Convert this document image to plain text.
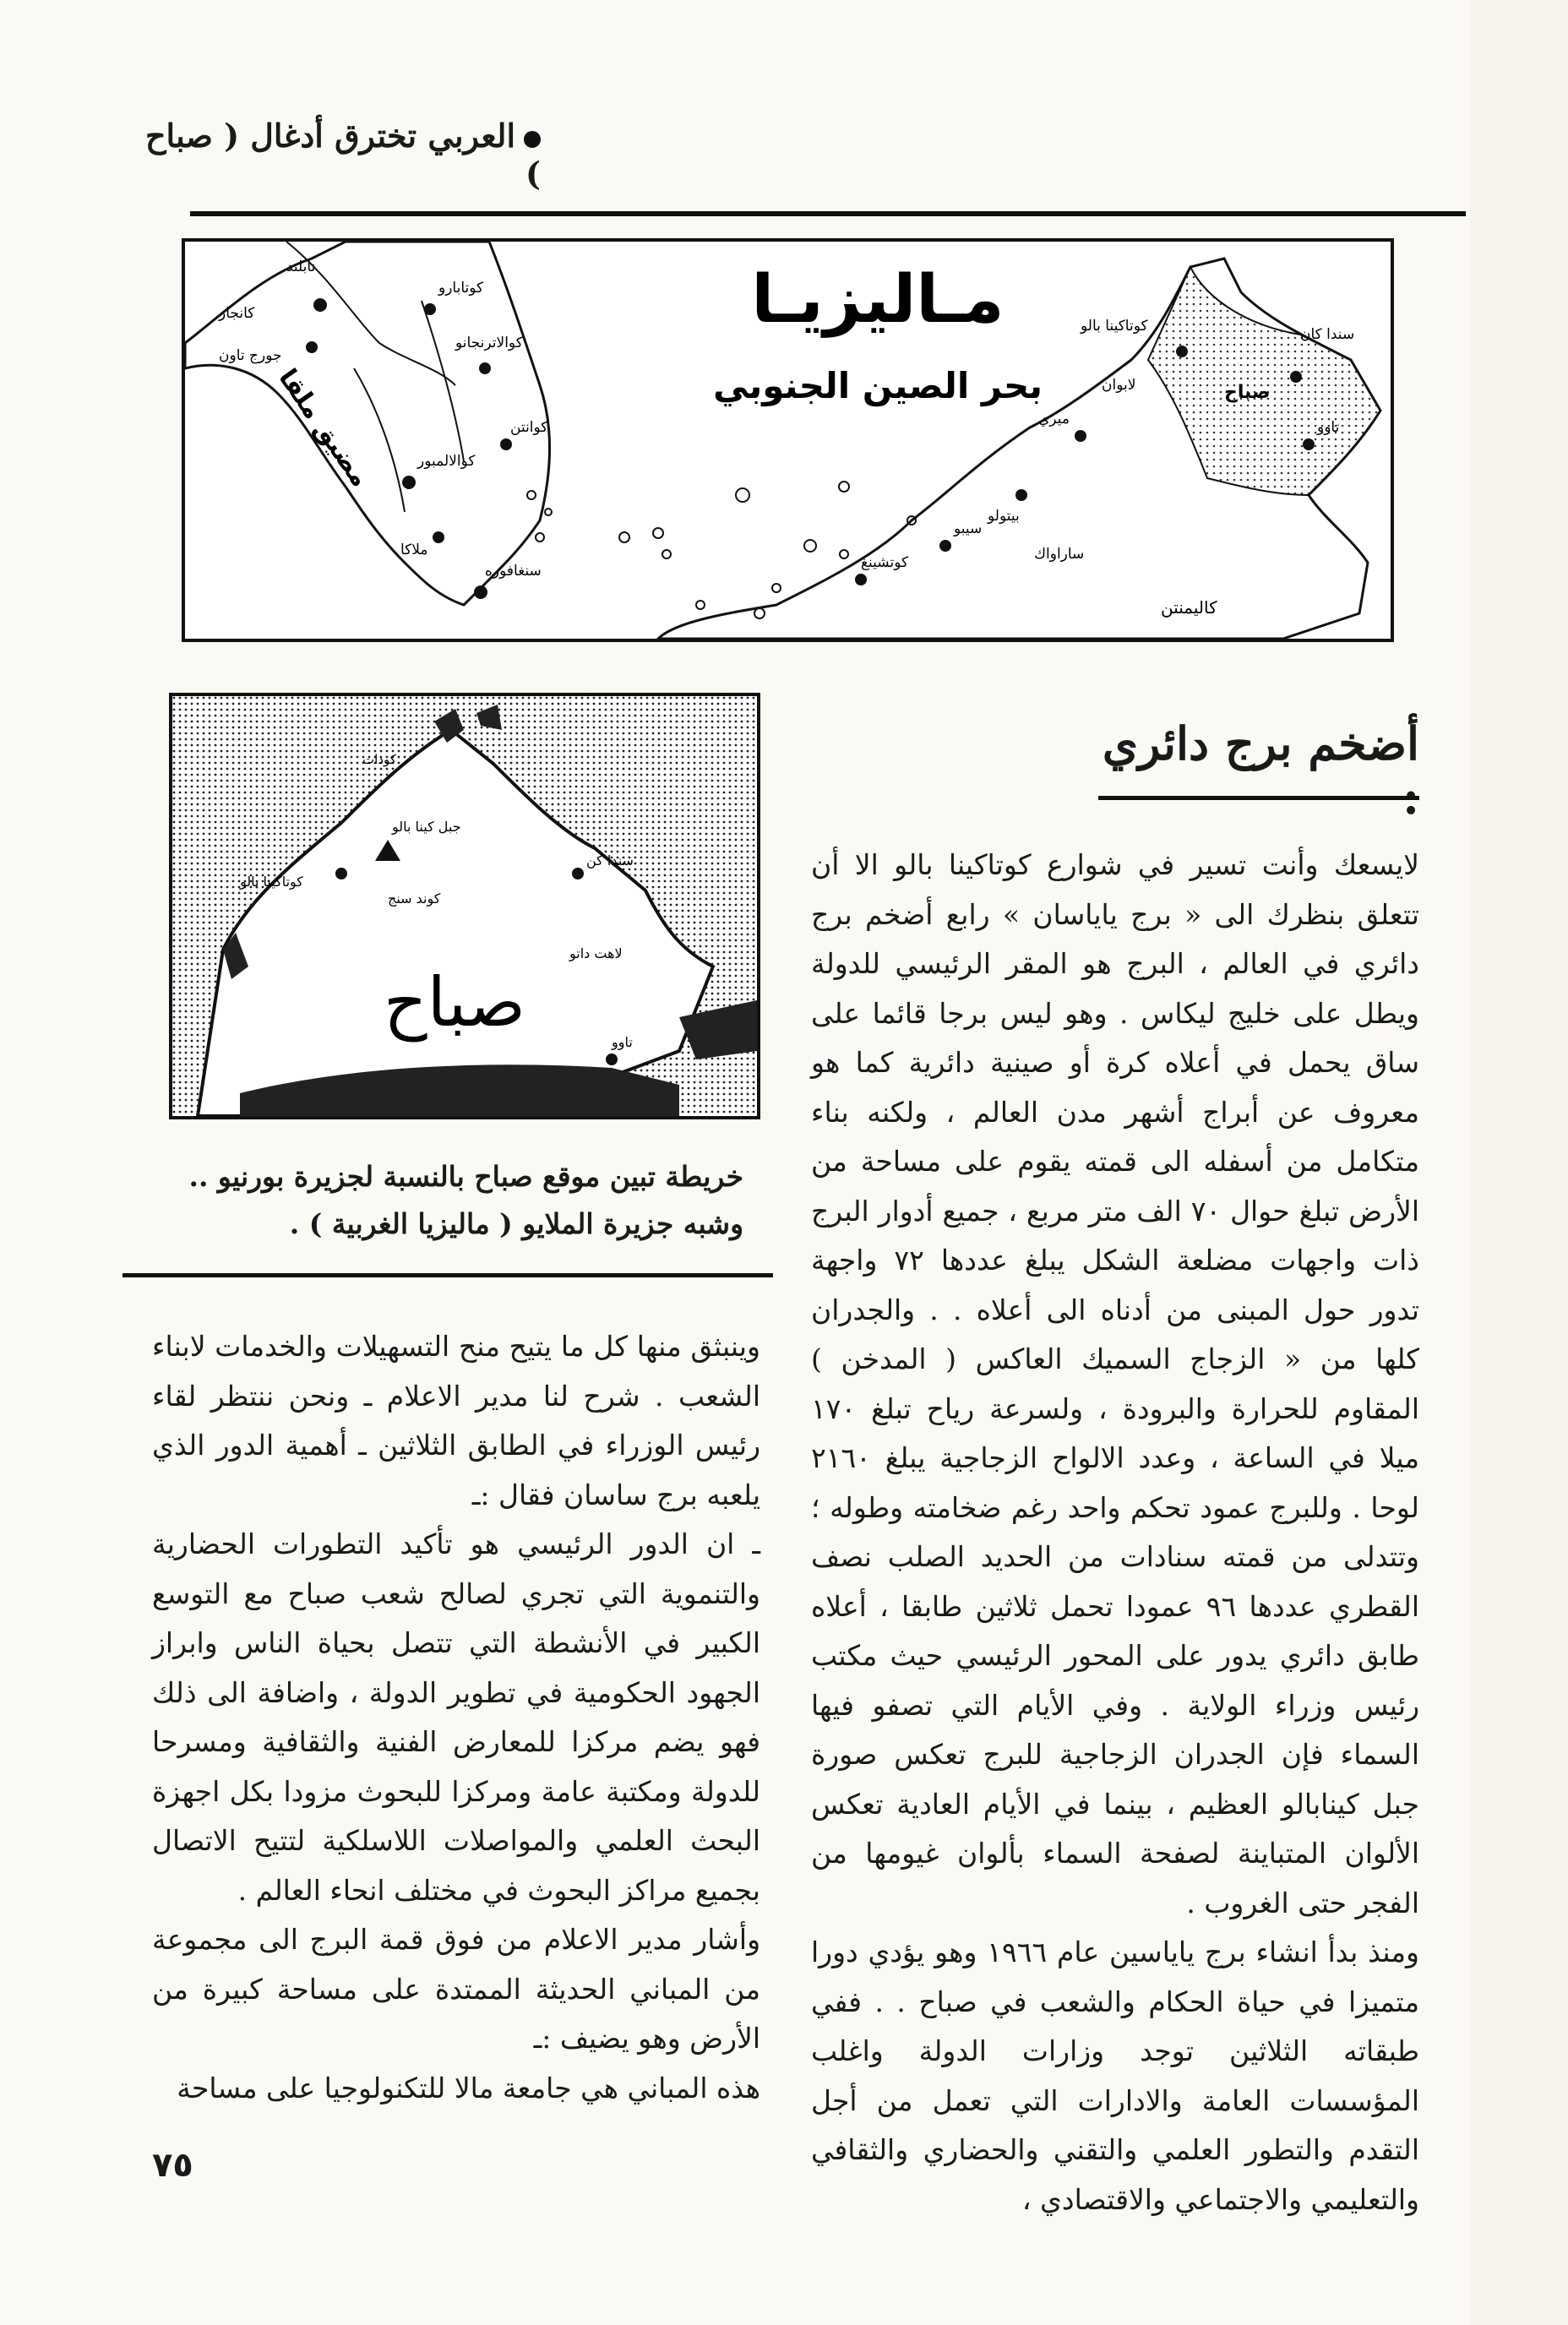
العربي تخترق أدغال ( صباح )
مضيق ملقا
كانجار
نابلند
جورج تاون
كوتابارو
كوالاترنجانو
كوانتن
كوالالمبور
ملاكا
سنغافوره
مـاليزيـا
بحر الصين الجنوبي
كوتاكينا بالو	سندا كان
صباح
تاوو
لابوان
ميري
بيتولو
سيبو
ساراواك
كوتشينغ
كاليمنتن
كودات
جبل كينا بالو
كوتاكينا بالو
كوند سنج
سندا كن
لاهت داتو
تاوو
صباح
خريطة تبين موقع صباح بالنسبة لجزيرة بورنيو ..
وشبه جزيرة الملايو ( ماليزيا الغربية ) .
أضخم برج دائري

لايسعك وأنت تسير في شوارع كوتاكينا بالو الا أن تتعلق بنظرك الى « برج ياياسان » رابع أضخم برج دائري في العالم ، البرج هو المقر الرئيسي للدولة ويطل على خليج ليكاس . وهو ليس برجا قائما على ساق يحمل في أعلاه كرة أو صينية دائرية كما هو معروف عن أبراج أشهر مدن العالم ، ولكنه بناء متكامل من أسفله الى قمته يقوم على مساحة من الأرض تبلغ حوال ٧٠ الف متر مربع ، جميع أدوار البرج ذات واجهات مضلعة الشكل يبلغ عددها ٧٢ واجهة تدور حول المبنى من أدناه الى أعلاه . . والجدران كلها من « الزجاج السميك العاكس ( المدخن ) المقاوم للحرارة والبرودة ، ولسرعة رياح تبلغ ١٧٠ ميلا في الساعة ، وعدد الالواح الزجاجية يبلغ ٢١٦٠ لوحا . وللبرج عمود تحكم واحد رغم ضخامته وطوله ؛ وتتدلى من قمته سنادات من الحديد الصلب نصف القطري عددها ٩٦ عمودا تحمل ثلاثين طابقا ، أعلاه طابق دائري يدور على المحور الرئيسي حيث مكتب رئيس وزراء الولاية . وفي الأيام التي تصفو فيها السماء فإن الجدران الزجاجية للبرج تعكس صورة جبل كينابالو العظيم ، بينما في الأيام العادية تعكس الألوان المتباينة لصفحة السماء بألوان غيومها من الفجر حتى الغروب .

ومنذ بدأ انشاء برج ياياسين عام ١٩٦٦ وهو يؤدي دورا متميزا في حياة الحكام والشعب في صباح . . ففي طبقاته الثلاثين توجد وزارات الدولة واغلب المؤسسات العامة والادارات التي تعمل من أجل التقدم والتطور العلمي والتقني والحضاري والثقافي والتعليمي والاجتماعي والاقتصادي ،

وينبثق منها كل ما يتيح منح التسهيلات والخدمات لابناء الشعب . شرح لنا مدير الاعلام ـ ونحن ننتظر لقاء رئيس الوزراء في الطابق الثلاثين ـ أهمية الدور الذي يلعبه برج ساسان فقال :ـ

ـ ان الدور الرئيسي هو تأكيد التطورات الحضارية والتنموية التي تجري لصالح شعب صباح مع التوسع الكبير في الأنشطة التي تتصل بحياة الناس وابراز الجهود الحكومية في تطوير الدولة ، واضافة الى ذلك فهو يضم مركزا للمعارض الفنية والثقافية ومسرحا للدولة ومكتبة عامة ومركزا للبحوث مزودا بكل اجهزة البحث العلمي والمواصلات اللاسلكية لتتيح الاتصال بجميع مراكز البحوث في مختلف انحاء العالم .

وأشار مدير الاعلام من فوق قمة البرج الى مجموعة من المباني الحديثة الممتدة على مساحة كبيرة من الأرض وهو يضيف :ـ

هذه المباني هي جامعة مالا للتكنولوجيا على مساحة

٧٥
